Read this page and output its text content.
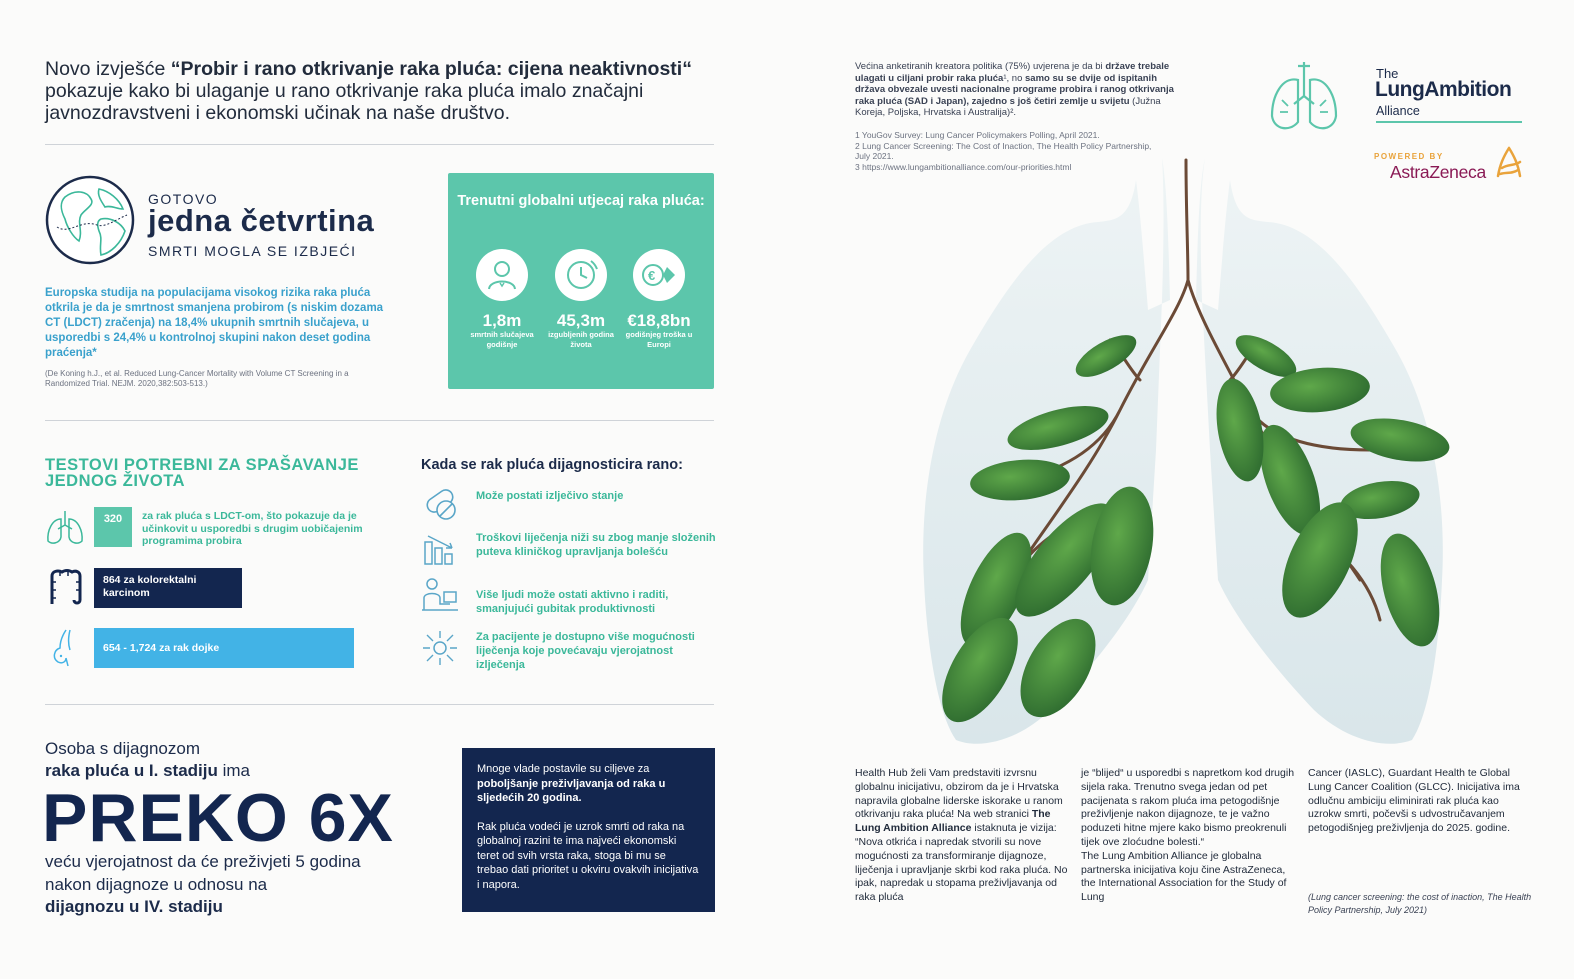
Novo izvješće “Probir i rano otkrivanje raka pluća: cijena neaktivnosti“ pokazuje kako bi ulaganje u rano otkrivanje raka pluća imalo značajni javnozdravstveni i ekonomski učinak na naše društvo.
GOTOVO
jedna četvrtina
SMRTI MOGLA SE IZBJEĆI
Europska studija na populacijama visokog rizika raka pluća otkrila je da je smrtnost smanjena probirom (s niskim dozama CT (LDCT) zračenja) na 18,4% ukupnih smrtnih slučajeva, u usporedbi s 24,4% u kontrolnoj skupini nakon deset godina praćenja*
(De Koning h.J., et al. Reduced Lung-Cancer Mortality with Volume CT Screening in a Randomized Trial. NEJM. 2020,382:503-513.)
Trenutni globalni utjecaj raka pluća:
€
1,8m
smrtnih slučajeva godišnje
45,3m
izgubljenih godina života
€18,8bn
godišnjeg troška u Europi
TESTOVI POTREBNI ZA SPAŠAVANJE JEDNOG ŽIVOTA
320	za rak pluća s LDCT-om, što pokazuje da je učinkovit u usporedbi s drugim uobičajenim programima probira
864 za kolorektalni karcinom
654 - 1,724 za rak dojke
Kada se rak pluća dijagnosticira rano:
Može postati izlječivo stanje
Troškovi liječenja niži su zbog manje složenih puteva kliničkog upravljanja bolešću
Više ljudi može ostati aktivno i raditi, smanjujući gubitak produktivnosti
Za pacijente je dostupno više mogućnosti liječenja koje povećavaju vjerojatnost izlječenja
Osoba s dijagnozom
raka pluća u I. stadiju ima
PREKO 6X
veću vjerojatnost da će preživjeti 5 godina nakon dijagnoze u odnosu na
dijagnozu u IV. stadiju

Mnoge vlade postavile su ciljeve za poboljšanje preživljavanja od raka u sljedećih 20 godina.

Rak pluća vodeći je uzrok smrti od raka na globalnoj razini te ima najveći ekonomski teret od svih vrsta raka, stoga bi mu se trebao dati prioritet u okviru ovakvih inicijativa i napora.

Većina anketiranih kreatora politika (75%) uvjerena je da bi države trebale ulagati u ciljani probir raka pluća¹, no samo su se dvije od ispitanih država obvezale uvesti nacionalne programe probira i ranog otkrivanja raka pluća (SAD i Japan), zajedno s još četiri zemlje u svijetu (Južna Koreja, Poljska, Hrvatska i Australija)².
1 YouGov Survey: Lung Cancer Policymakers Polling, April 2021.
2 Lung Cancer Screening: The Cost of Inaction, The Health Policy Partnership, July 2021.
3 https://www.lungambitionalliance.com/our-priorities.html
The
LungAmbition
Alliance
POWERED BY
AstraZeneca
Health Hub želi Vam predstaviti izvrsnu globalnu inicijativu, obzirom da je i Hrvatska napravila globalne liderske iskorake u ranom otkrivanju raka pluća! Na web stranici The Lung Ambition Alliance istaknuta je vizija: “Nova otkrića i napredak stvorili su nove mogućnosti za transformiranje dijagnoze, liječenja i upravljanje skrbi kod raka pluća. No ipak, napredak u stopama preživljavanja od raka pluća
je “blijed“ u usporedbi s napretkom kod drugih sijela raka. Trenutno svega jedan od pet pacijenata s rakom pluća ima petogodišnje preživljenje nakon dijagnoze, te je važno poduzeti hitne mjere kako bismo preokrenuli tijek ove zloćudne bolesti.“
The Lung Ambition Alliance je globalna partnerska inicijativa koju čine AstraZeneca, the International Association for the Study of Lung
Cancer (IASLC), Guardant Health te Global Lung Cancer Coalition (GLCC). Inicijativa ima odlučnu ambiciju eliminirati rak pluća kao uzrokw smrti, počevši s udvostručavanjem petogodišnjeg preživljenja do 2025. godine.
(Lung cancer screening: the cost of inaction, The Health Policy Partnership, July 2021)
